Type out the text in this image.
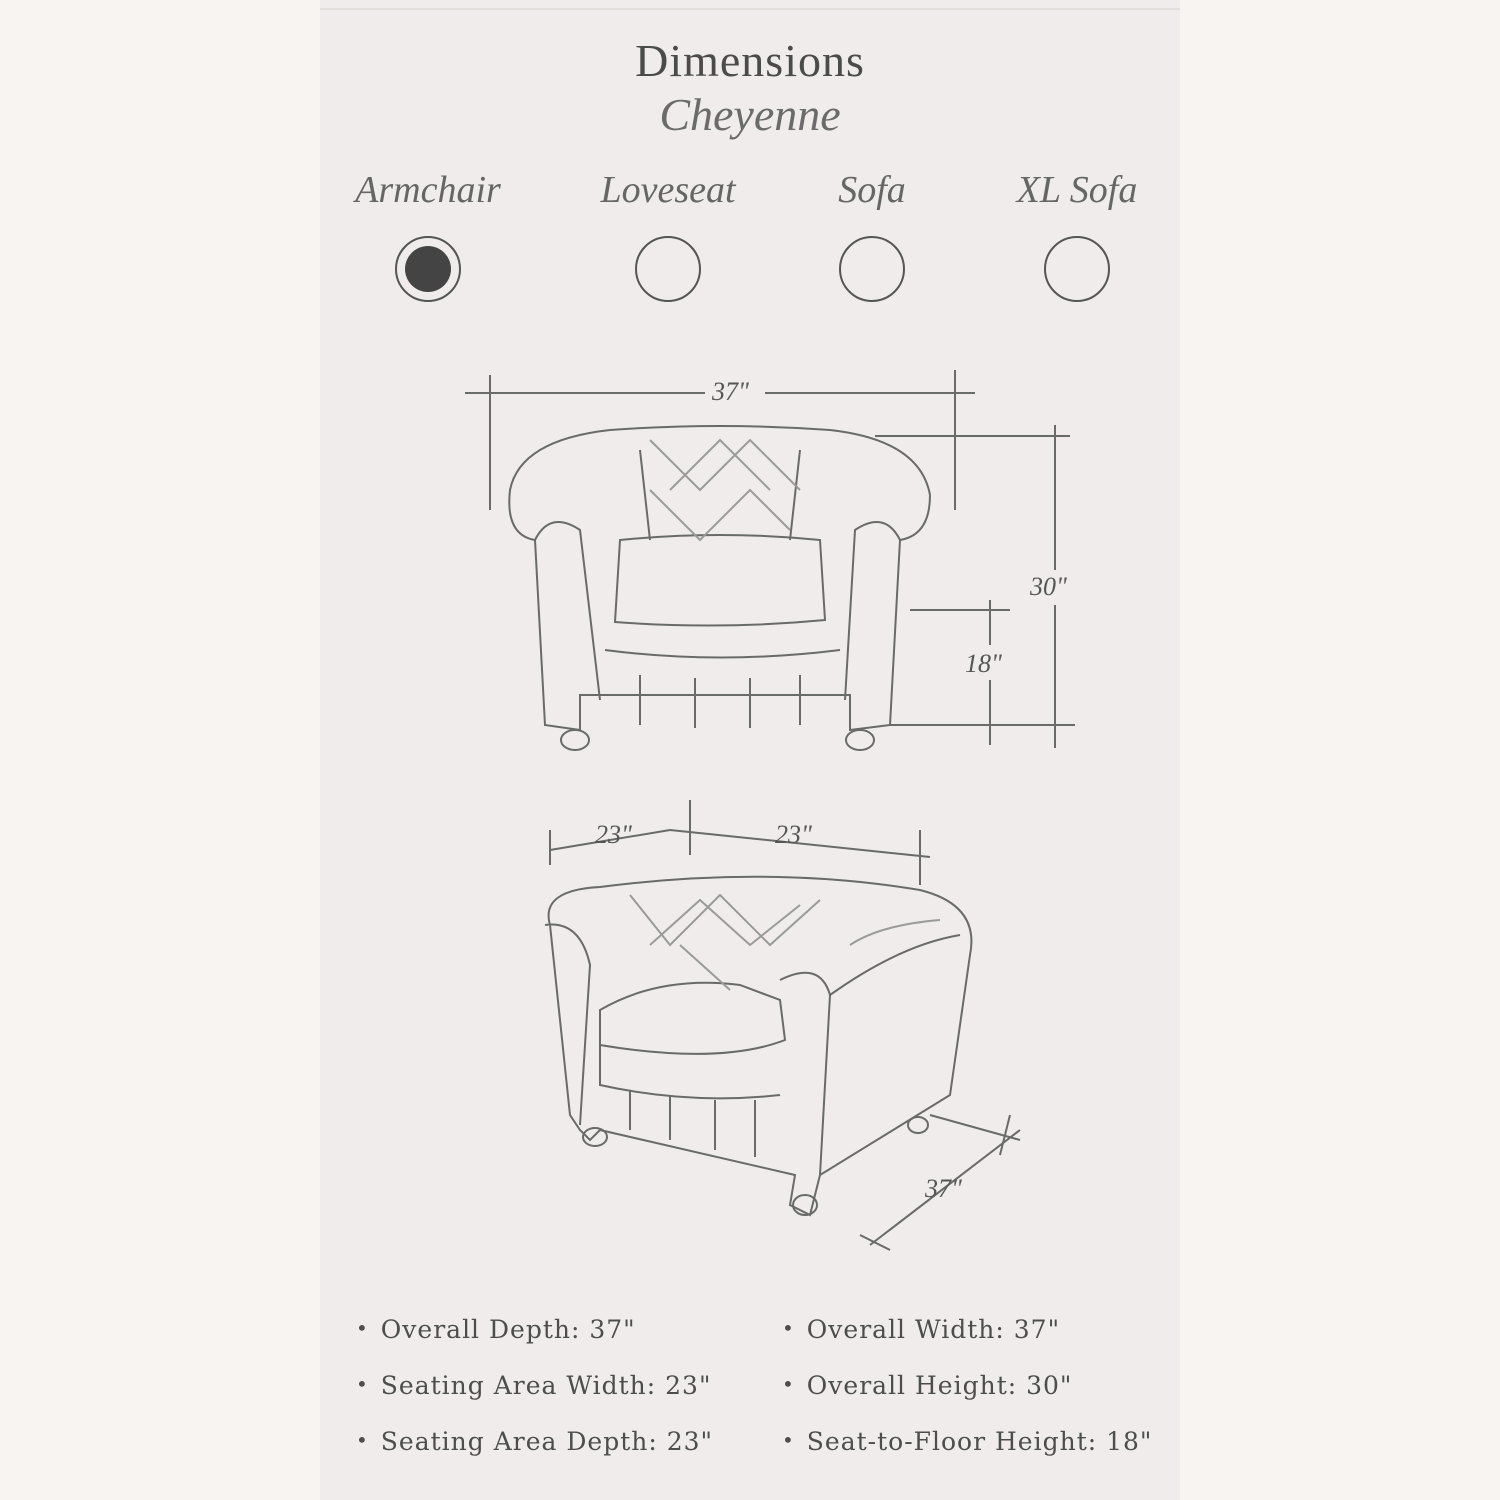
Dimensions
Cheyenne
Armchair	Loveseat	Sofa	XL Sofa
37"
30"
18"
23"	23"
37"
• Overall Depth: 37"
• Seating Area Width: 23"
• Seating Area Depth: 23"
• Overall Width: 37"
• Overall Height: 30"
• Seat-to-Floor Height: 18"
